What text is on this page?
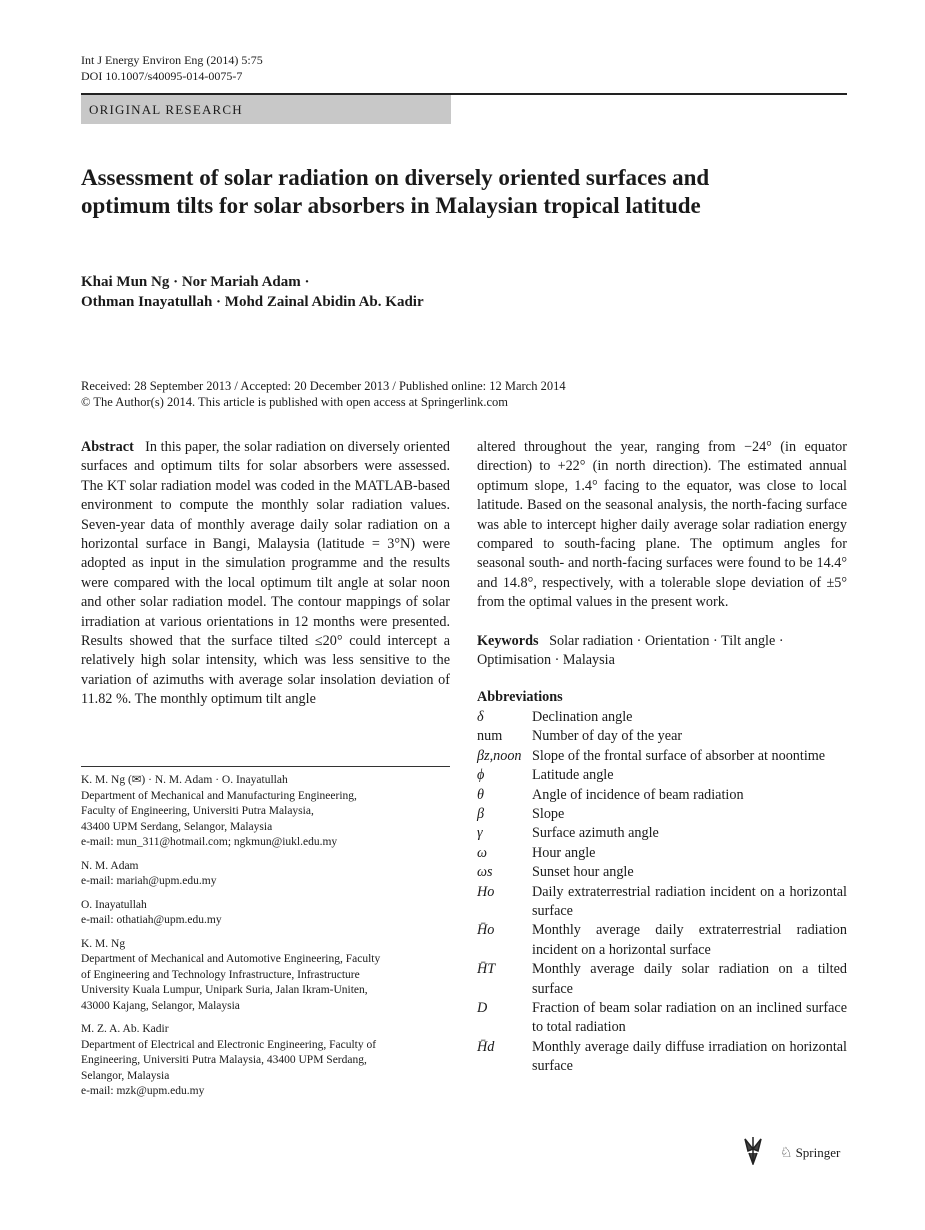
Int J Energy Environ Eng (2014) 5:75
DOI 10.1007/s40095-014-0075-7
ORIGINAL RESEARCH
Assessment of solar radiation on diversely oriented surfaces and optimum tilts for solar absorbers in Malaysian tropical latitude
Khai Mun Ng · Nor Mariah Adam ·
Othman Inayatullah · Mohd Zainal Abidin Ab. Kadir
Received: 28 September 2013 / Accepted: 20 December 2013 / Published online: 12 March 2014
© The Author(s) 2014. This article is published with open access at Springerlink.com
Abstract In this paper, the solar radiation on diversely oriented surfaces and optimum tilts for solar absorbers were assessed. The KT solar radiation model was coded in the MATLAB-based environment to compute the monthly solar radiation values. Seven-year data of monthly average daily solar radiation on a horizontal surface in Bangi, Malaysia (latitude = 3°N) were adopted as input in the simulation programme and the results were compared with the local optimum tilt angle at solar noon and other solar radiation model. The contour mappings of solar irradiation at various orientations in 12 months were presented. Results showed that the surface tilted ≤20° could intercept a relatively high solar intensity, which was less sensitive to the variation of azimuths with average solar insolation deviation of 11.82 %. The monthly optimum tilt angle
K. M. Ng (✉) · N. M. Adam · O. Inayatullah
Department of Mechanical and Manufacturing Engineering,
Faculty of Engineering, Universiti Putra Malaysia,
43400 UPM Serdang, Selangor, Malaysia
e-mail: mun_311@hotmail.com; ngkmun@iukl.edu.my
N. M. Adam
e-mail: mariah@upm.edu.my
O. Inayatullah
e-mail: othatiah@upm.edu.my
K. M. Ng
Department of Mechanical and Automotive Engineering, Faculty
of Engineering and Technology Infrastructure, Infrastructure
University Kuala Lumpur, Unipark Suria, Jalan Ikram-Uniten,
43000 Kajang, Selangor, Malaysia
M. Z. A. Ab. Kadir
Department of Electrical and Electronic Engineering, Faculty of
Engineering, Universiti Putra Malaysia, 43400 UPM Serdang,
Selangor, Malaysia
e-mail: mzk@upm.edu.my
altered throughout the year, ranging from −24° (in equator direction) to +22° (in north direction). The estimated annual optimum slope, 1.4° facing to the equator, was close to local latitude. Based on the seasonal analysis, the north-facing surface was able to intercept higher daily average solar radiation energy compared to south-facing plane. The optimum angles for seasonal south- and north-facing surfaces were found to be 14.4° and 14.8°, respectively, with a tolerable slope deviation of ±5° from the optimal values in the present work.
Keywords Solar radiation · Orientation · Tilt angle · Optimisation · Malaysia
Abbreviations
δ	Declination angle
num	Number of day of the year
βz,noon Slope of the frontal surface of absorber at noontime
ϕ	Latitude angle
θ	Angle of incidence of beam radiation
β	Slope
γ	Surface azimuth angle
ω	Hour angle
ωs	Sunset hour angle
Ho	Daily extraterrestrial radiation incident on a horizontal surface
H̄o	Monthly average daily extraterrestrial radiation incident on a horizontal surface
H̄T	Monthly average daily solar radiation on a tilted surface
D	Fraction of beam solar radiation on an inclined surface to total radiation
H̄d	Monthly average daily diffuse irradiation on horizontal surface
♘ Springer
